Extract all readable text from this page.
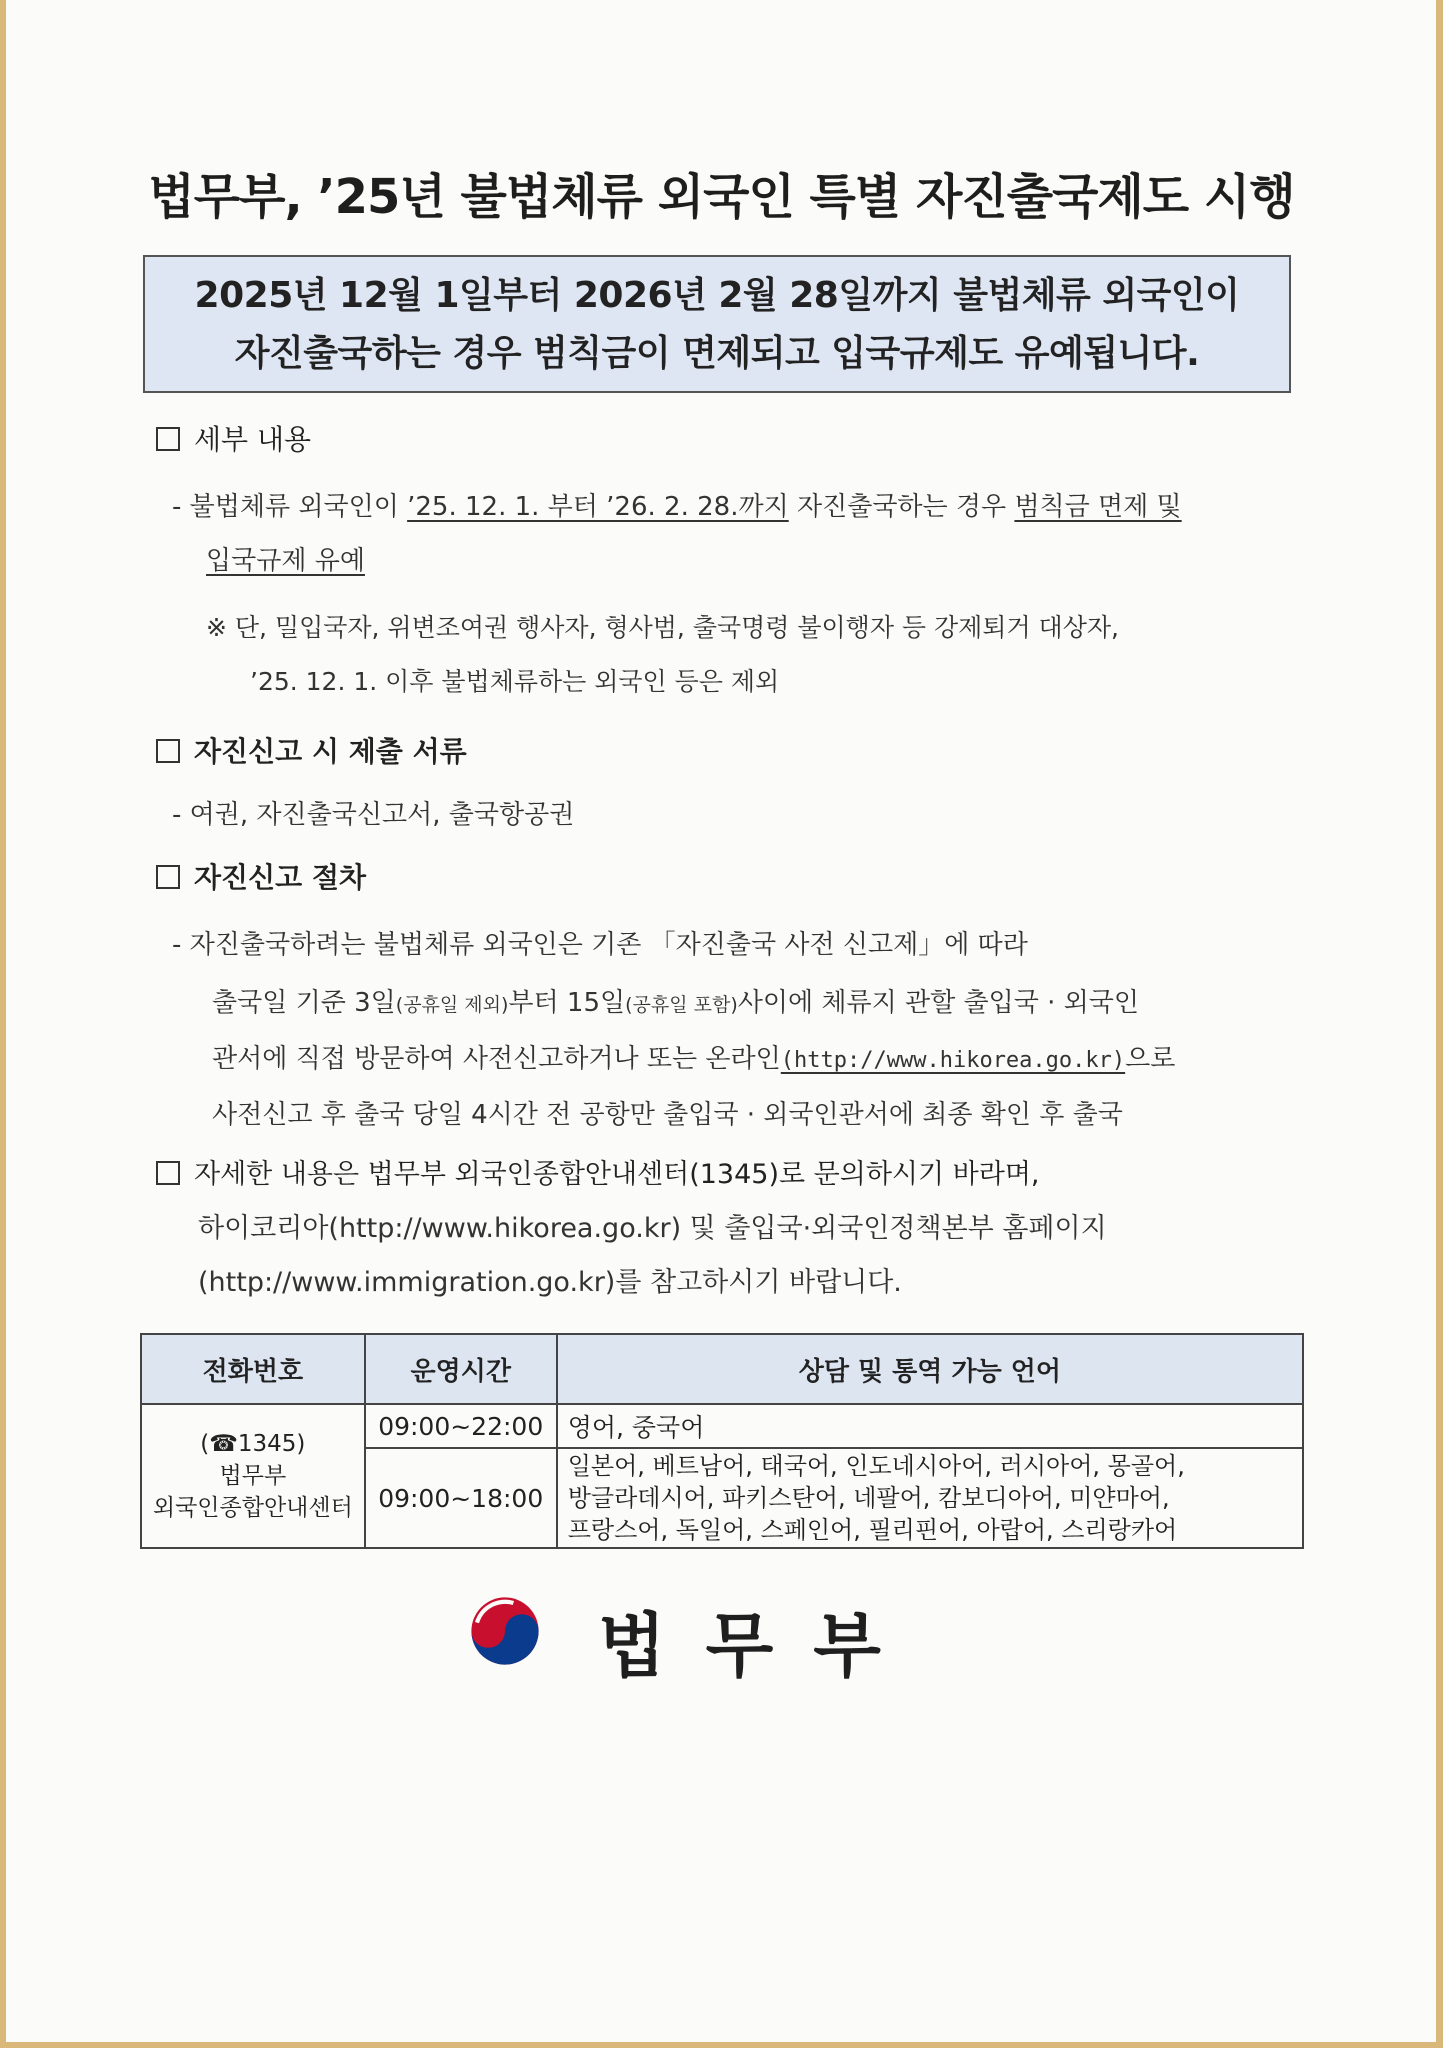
법무부, ’25년 불법체류 외국인 특별 자진출국제도 시행
2025년 12월 1일부터 2026년 2월 28일까지 불법체류 외국인이
자진출국하는 경우 범칙금이 면제되고 입국규제도 유예됩니다.
세부 내용
- 불법체류 외국인이 ’25. 12. 1. 부터 ’26. 2. 28.까지 자진출국하는 경우 범칙금 면제 및
입국규제 유예
※ 단, 밀입국자, 위변조여권 행사자, 형사범, 출국명령 불이행자 등 강제퇴거 대상자,
’25. 12. 1. 이후 불법체류하는 외국인 등은 제외
자진신고 시 제출 서류
- 여권, 자진출국신고서, 출국항공권
자진신고 절차
- 자진출국하려는 불법체류 외국인은 기존 「자진출국 사전 신고제」에 따라
출국일 기준 3일(공휴일 제외)부터 15일(공휴일 포함)사이에 체류지 관할 출입국 · 외국인
관서에 직접 방문하여 사전신고하거나 또는 온라인(http://www.hikorea.go.kr)으로
사전신고 후 출국 당일 4시간 전 공항만 출입국 · 외국인관서에 최종 확인 후 출국
자세한 내용은 법무부 외국인종합안내센터(1345)로 문의하시기 바라며,
하이코리아(http://www.hikorea.go.kr) 및 출입국·외국인정책본부 홈페이지
(http://www.immigration.go.kr)를 참고하시기 바랍니다.
전화번호	운영시간	상담 및 통역 가능 언어

(☎1345)
법무부
외국인종합안내센터	09:00~22:00	영어, 중국어
	09:00~18:00	일본어, 베트남어, 태국어, 인도네시아어, 러시아어, 몽골어,
방글라데시어, 파키스탄어, 네팔어, 캄보디아어, 미얀마어,
프랑스어, 독일어, 스페인어, 필리핀어, 아랍어, 스리랑카어
법무부
